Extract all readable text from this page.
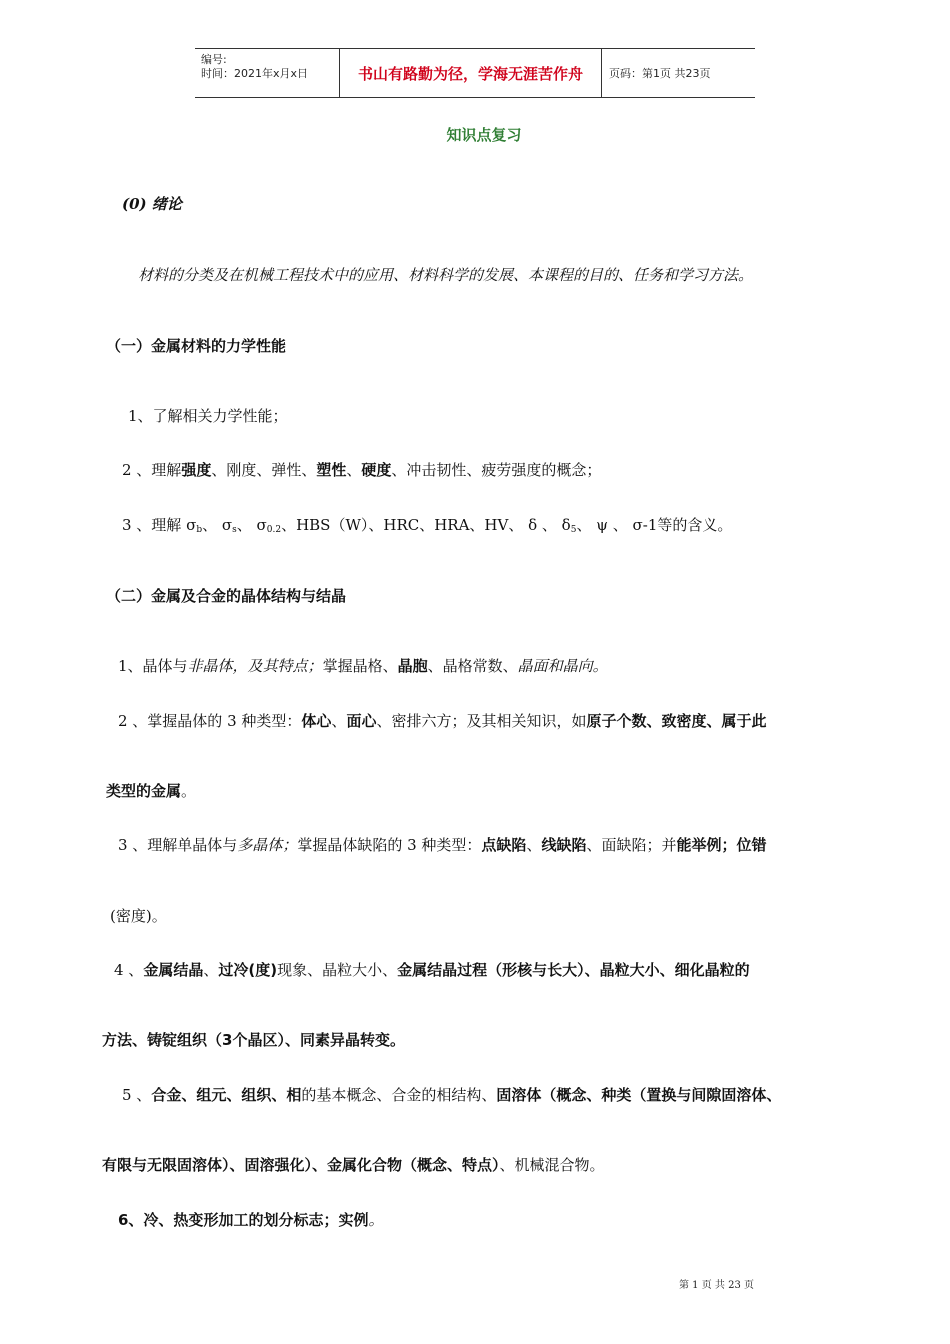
编号:
时间：2021年x月x日	书山有路勤为径，学海无涯苦作舟	页码：第1页 共23页
知识点复习
(0) 绪论
材料的分类及在机械工程技术中的应用、材料科学的发展、本课程的目的、任务和学习方法。
（一）金属材料的力学性能
1、了解相关力学性能；
2 、理解强度、刚度、弹性、塑性、硬度、冲击韧性、疲劳强度的概念；
3 、理解 $\sigma_b$、 $\sigma_s$、 $\sigma_{0.2}$、HBS（W）、HRC、HRA、HV、 δ 、 $\delta_5$、 ψ 、 σ-1等的含义。
（二）金属及合金的晶体结构与结晶
1、晶体与非晶体，及其特点；掌握晶格、晶胞、晶格常数、晶面和晶向。
2 、掌握晶体的 3 种类型：体心、面心、密排六方；及其相关知识，如原子个数、致密度、属于此
类型的金属。
3 、理解单晶体与多晶体；掌握晶体缺陷的 3 种类型：点缺陷、线缺陷、面缺陷；并能举例；位错
(密度)。
4 、金属结晶、过冷(度)现象、晶粒大小、金属结晶过程（形核与长大）、晶粒大小、细化晶粒的
方法、铸锭组织（3个晶区）、同素异晶转变。
5 、合金、组元、组织、相的基本概念、合金的相结构、固溶体（概念、种类（置换与间隙固溶体、
有限与无限固溶体）、固溶强化）、金属化合物（概念、特点）、机械混合物。
6、冷、热变形加工的划分标志；实例。
第 1 页 共 23 页
